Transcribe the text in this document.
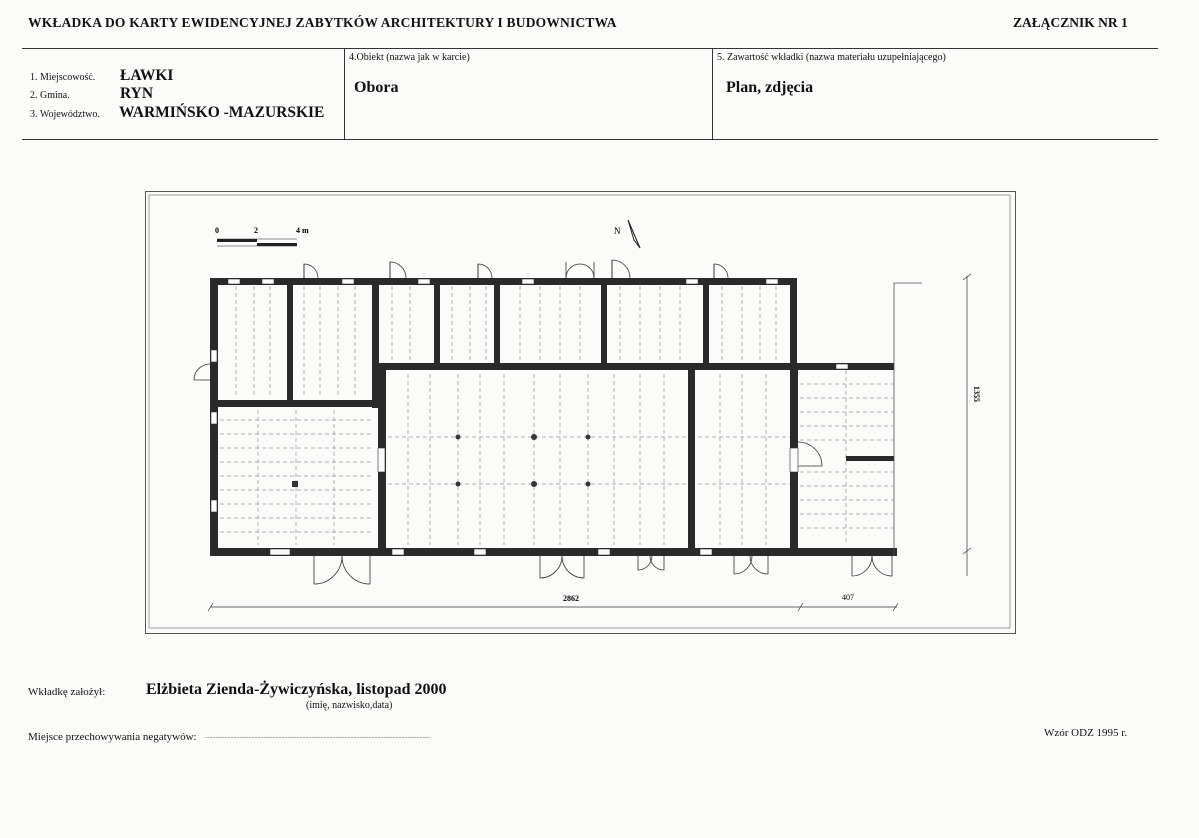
WKŁADKA DO KARTY EWIDENCYJNEJ ZABYTKÓW ARCHITEKTURY I BUDOWNICTWA	ZAŁĄCZNIK NR 1
1. Miejscowość. ŁAWKI
2. Gmina.	RYN
3. Województwo. WARMIŃSKO -MAZURSKIE
4.Obiekt (nazwa jak w karcie)
Obora
5. Zawartość wkładki (nazwa materiału uzupełniającego)
Plan, zdjęcia
0	2	4 m	N
2862	407
1355
Wkładkę założył:	Elżbieta Zienda-Żywiczyńska, listopad 2000
(imię, nazwisko,data)
Miejsce przechowywania negatywów: ......................................................................................................................................................	Wzór ODZ 1995 r.
